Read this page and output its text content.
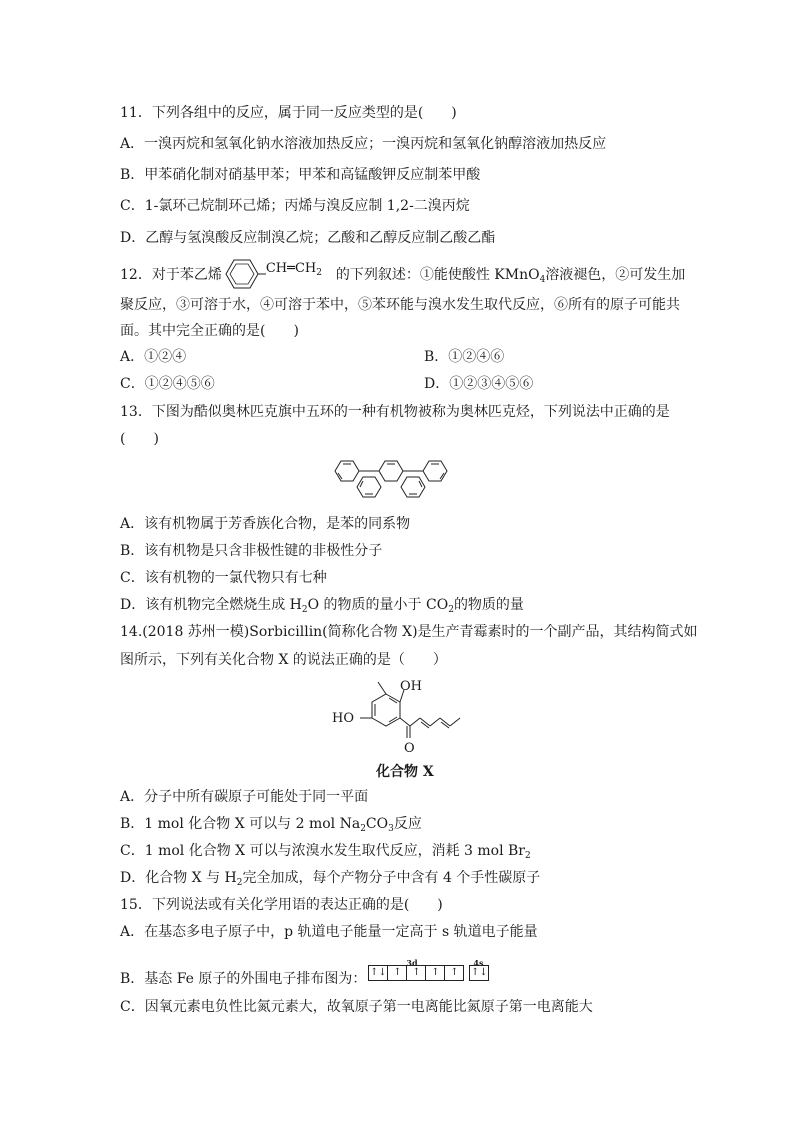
11．下列各组中的反应，属于同一反应类型的是(　　)
A．一溴丙烷和氢氧化钠水溶液加热反应；一溴丙烷和氢氧化钠醇溶液加热反应
B．甲苯硝化制对硝基甲苯；甲苯和高锰酸钾反应制苯甲酸
C．1-氯环己烷制环己烯；丙烯与溴反应制 1,2-二溴丙烷
D．乙醇与氢溴酸反应制溴乙烷；乙酸和乙醇反应制乙酸乙酯
12．对于苯乙烯	$CH═CH_2$ 的下列叙述：①能使酸性 KMnO$_4$溶液褪色，②可发生加
聚反应，③可溶于水，④可溶于苯中，⑤苯环能与溴水发生取代反应，⑥所有的原子可能共
面。其中完全正确的是(　　)
A．①②④	B．①②④⑥
C．①②④⑤⑥	D．①②③④⑤⑥
13．下图为酷似奥林匹克旗中五环的一种有机物被称为奥林匹克烃，下列说法中正确的是
(　　)
A．该有机物属于芳香族化合物，是苯的同系物
B．该有机物是只含非极性键的非极性分子
C．该有机物的一氯代物只有七种
D．该有机物完全燃烧生成 $H_2O$ 的物质的量小于 $CO_2$的物质的量
14.(2018 苏州一模)Sorbicillin(简称化合物 X)是生产青霉素时的一个副产品，其结构简式如
图所示，下列有关化合物 X 的说法正确的是（　　）
OH
HO
O
化合物 X
A．分子中所有碳原子可能处于同一平面
B．1 mol 化合物 X 可以与 2 mol $Na_2CO_3$反应
C．1 mol 化合物 X 可以与浓溴水发生取代反应，消耗 3 mol $Br_2$
D．化合物 X 与 $H_2$完全加成，每个产物分子中含有 4 个手性碳原子
15．下列说法或有关化学用语的表达正确的是(　　)
A．在基态多电子原子中，p 轨道电子能量一定高于 s 轨道电子能量
B．基态 Fe 原子的外围电子排布图为：
3d	4s
↑↓ ↑	↑	↑	↑	↑↓
C．因氧元素电负性比氮元素大，故氧原子第一电离能比氮原子第一电离能大
